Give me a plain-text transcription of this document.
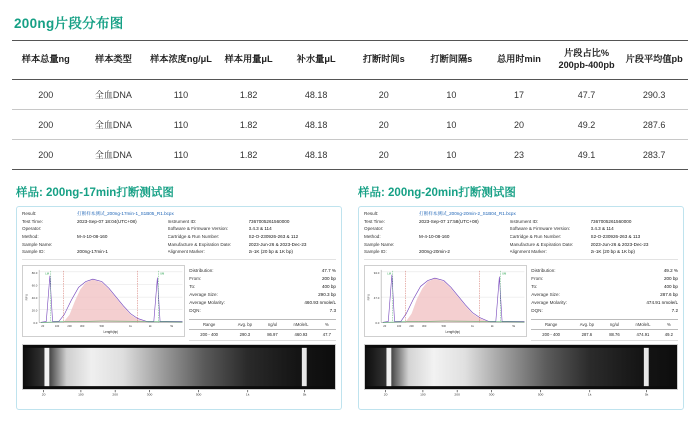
200ng片段分布图
样本总量ng	样本类型	样本浓度ng/μL	样本用量μL	补水量μL	打断时间s	打断间隔s	总用时min	片段占比% 200pb-400pb	片段平均值pb
200	全血DNA	110	1.82	48.18	20	10	17	47.7	290.3
200	全血DNA	110	1.82	48.18	20	10	20	49.2	287.6
200	全血DNA	110	1.82	48.18	20	10	23	49.1	283.7
样品: 200ng-17min打断测试图
Result:	打断样本测试_200ng-17min-1_S1B05_R1.bcpx
Test Time:	2023-Sep-07 18:04(UTC+08)	Instrument ID:	7367005261560000
Operator:	Software & Firmware Version:	3.4.3 & 114
Method:	M-4-10-08-160	Cartridge & Run Number:	S2-O-230926-263 & 112
Sample Name:	Manufacture & Expiration Date:	2023-Jun-26 & 2023-Dec-23
Sample ID:	200ng-17min-1	Alignment Marker:	2ı-1K (20 bp & 1K bp)
80.0
60.0
40.0
20.0
0.0
LM	UM
20	100	200	300	500	1k	2k	5k
Length(bp)
RFU
Distribution:	47.7 %
From:	200 bp
To:	400 bp
Average Size:	290.3 bp
Average Molarity:	460.93 nmole/L
DQN:	7.3
Range	Avg. bp	ng/ul	nMole/L	%
200 - 400	290.3	86.97	460.93	47.7
20	100	200	300	500	1k	5k
样品: 200ng-20min打断测试图
Result:	打断样本测试_200ng-20min-2_S1B04_R1.bcpx
Test Time:	2023-Sep-07 17:58(UTC+08)	Instrument ID:	7367005261560000
Operator:	Software & Firmware Version:	3.4.3 & 114
Method:	M-4-10-08-160	Cartridge & Run Number:	S2-O-230926-263 & 113
Sample Name:	Manufacture & Expiration Date:	2023-Jun-26 & 2023-Dec-23
Sample ID:	200ng-20min-2	Alignment Marker:	2ı-1K (20 bp & 1K bp)
94.0
47.0
0.0
LM	UM
20	100	200	300	500	1k	2k	5k
Length(bp)
RFU
Distribution:	49.2 %
From:	200 bp
To:	400 bp
Average Size:	287.6 bp
Average Molarity:	474.91 nmole/L
DQN:	7.2
Range	Avg. bp	ng/ul	nMole/L	%
200 - 400	287.6	88.76	474.91	49.2
20	100	200	300	500	1k	5k
